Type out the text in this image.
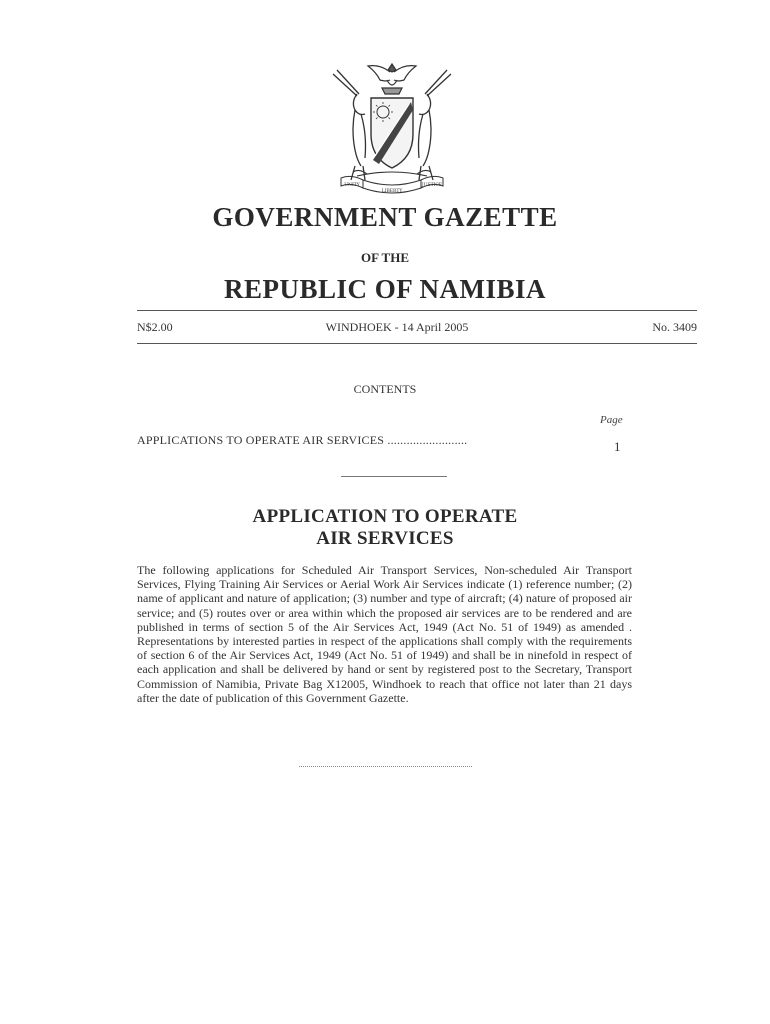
UNITY
LIBERTY
JUSTICE
GOVERNMENT GAZETTE
OF THE
REPUBLIC OF NAMIBIA
N$2.00	WINDHOEK - 14 April 2005	No. 3409
CONTENTS
Page
APPLICATIONS TO OPERATE AIR SERVICES .........................	1
APPLICATION TO OPERATE
AIR SERVICES
The following applications for Scheduled Air Transport Services, Non-scheduled Air Transport Services, Flying Training Air Services or Aerial Work Air Services indicate (1) reference number; (2) name of applicant and nature of application; (3) number and type of aircraft; (4) nature of proposed air service; and (5) routes over or area within which the proposed air services are to be rendered and are published in terms of section 5 of the Air Services Act, 1949 (Act No. 51 of 1949) as amended . Representations by interested parties in respect of the applications shall comply with the requirements of section 6 of the Air Services Act, 1949 (Act No. 51 of 1949) and shall be in ninefold in respect of each application and shall be delivered by hand or sent by registered post to the Secretary, Transport Commission of Namibia, Private Bag X12005, Windhoek to reach that office not later than 21 days after the date of publication of this Government Gazette.
